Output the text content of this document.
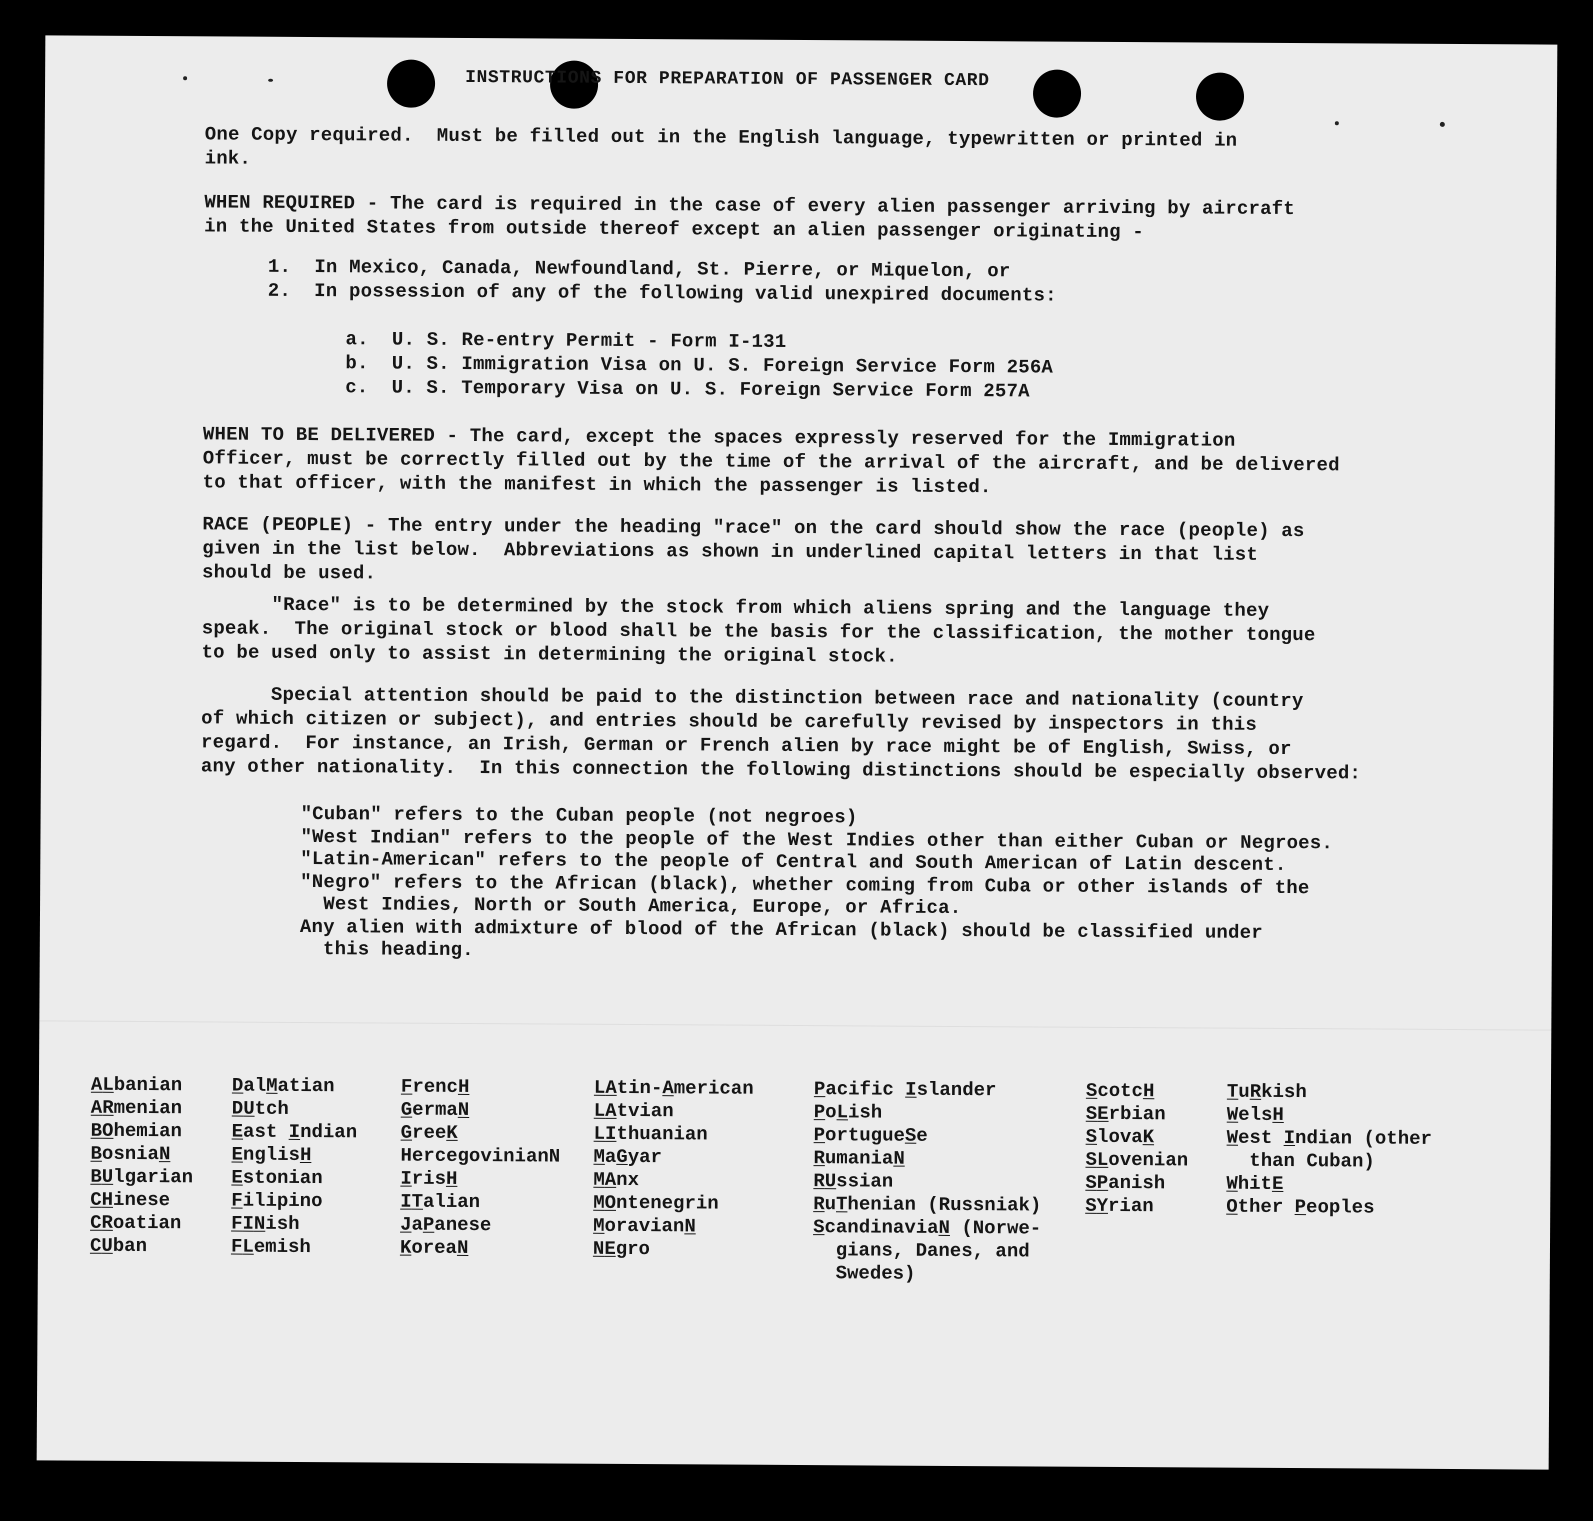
INSTRUCTIONS FOR PREPARATION OF PASSENGER CARD

One Copy required.  Must be filled out in the English language, typewritten or printed in
ink.

WHEN REQUIRED - The card is required in the case of every alien passenger arriving by aircraft
in the United States from outside thereof except an alien passenger originating -

1.  In Mexico, Canada, Newfoundland, St. Pierre, or Miquelon, or
2.  In possession of any of the following valid unexpired documents:

a.  U. S. Re-entry Permit - Form I-131
b.  U. S. Immigration Visa on U. S. Foreign Service Form 256A
c.  U. S. Temporary Visa on U. S. Foreign Service Form 257A

WHEN TO BE DELIVERED - The card, except the spaces expressly reserved for the Immigration
Officer, must be correctly filled out by the time of the arrival of the aircraft, and be delivered
to that officer, with the manifest in which the passenger is listed.

RACE (PEOPLE) - The entry under the heading "race" on the card should show the race (people) as
given in the list below.  Abbreviations as shown in underlined capital letters in that list
should be used.

"Race" is to be determined by the stock from which aliens spring and the language they
speak.  The original stock or blood shall be the basis for the classification, the mother tongue
to be used only to assist in determining the original stock.

Special attention should be paid to the distinction between race and nationality (country
of which citizen or subject), and entries should be carefully revised by inspectors in this
regard.  For instance, an Irish, German or French alien by race might be of English, Swiss, or
any other nationality.  In this connection the following distinctions should be especially observed:

"Cuban" refers to the Cuban people (not negroes)
"West Indian" refers to the people of the West Indies other than either Cuban or Negroes.
"Latin-American" refers to the people of Central and South American of Latin descent.
"Negro" refers to the African (black), whether coming from Cuba or other islands of the
West Indies, North or South America, Europe, or Africa.
Any alien with admixture of blood of the African (black) should be classified under
this heading.

ALbanian
ARmenian
BOhemian
BosniaN
BUlgarian
CHinese
CRoatian
CUban
DalMatian
DUtch
East Indian
EnglisH
Estonian
Filipino
FINish
FLemish
FrencH
GermaN
GreeK
HercegovinianN
IrisH
ITalian
JaPanese
KoreaN
LAtin-American
LAtvian
LIthuanian
MaGyar
MAnx
MOntenegrin
MoravianN
NEgro
Pacific Islander
PoLish
PortugueSe
RumaniaN
RUssian
RuThenian (Russniak)
ScandinaviaN (Norwe-
gians, Danes, and
Swedes)
ScotcH
SErbian
SlovaK
SLovenian
SPanish
SYrian
TuRkish
WelsH
West Indian (other
than Cuban)
WhitE
Other Peoples
